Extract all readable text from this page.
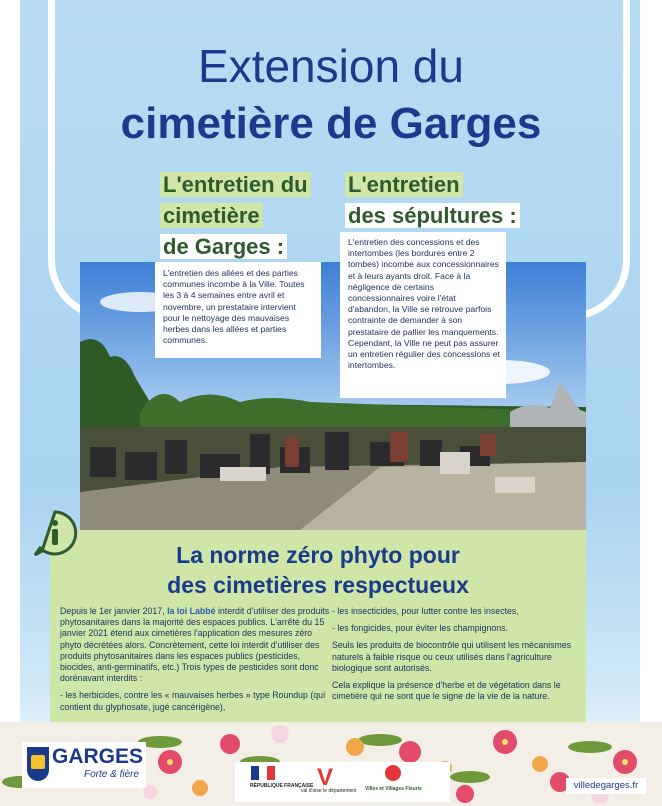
Extension du
cimetière de Garges
L'entretien du
cimetière
de Garges :
L'entretien des allées et des parties communes incombe à la Ville. Toutes les 3 à 4 semaines entre avril et novembre, un prestataire intervient pour le nettoyage des mauvaises herbes dans les allées et parties communes.
L'entretien
des sépultures :
L'entretien des concessions et des intertombes (les bordures entre 2 tombes) incombe aux concessionnaires et à leurs ayants droit. Face à la négligence de certains concessionnaires voire l'état d'abandon, la Ville se retrouve parfois contrainte de demander à son prestataire de pallier les manquements. Cependant, la Ville ne peut pas assurer un entretien régulier des concessions et intertombes.
La norme zéro phyto pour
des cimetières respectueux

Depuis le 1er janvier 2017, la loi Labbé interdit d'utiliser des produits phytosanitaires dans la majorité des espaces publics. L'arrêté du 15 janvier 2021 étend aux cimetières l'application des mesures zéro phyto décrétées alors. Concrètement, cette loi interdit d'utiliser des produits phytosanitaires dans les espaces publics (pesticides, biocides, anti-germinatifs, etc.) Trois types de pesticides sont donc dorénavant interdits :

- les herbicides, contre les « mauvaises herbes » type Roundup (qui contient du glyphosate, jugé cancérigène),

- les insecticides, pour lutter contre les insectes,

- les fongicides, pour éviter les champignons.

Seuls les produits de biocontrôle qui utilisent les mécanismes naturels à faible risque ou ceux utilisés dans l'agriculture biologique sont autorisés.

Cela explique la présence d'herbe et de végétation dans le cimetière qui ne sont que le signe de la vie de la nature.

GARGES
Forte & fière
RÉPUBLIQUE FRANÇAISE V
val d'oise le département Villes et Villages Fleuris	villedegarges.fr
